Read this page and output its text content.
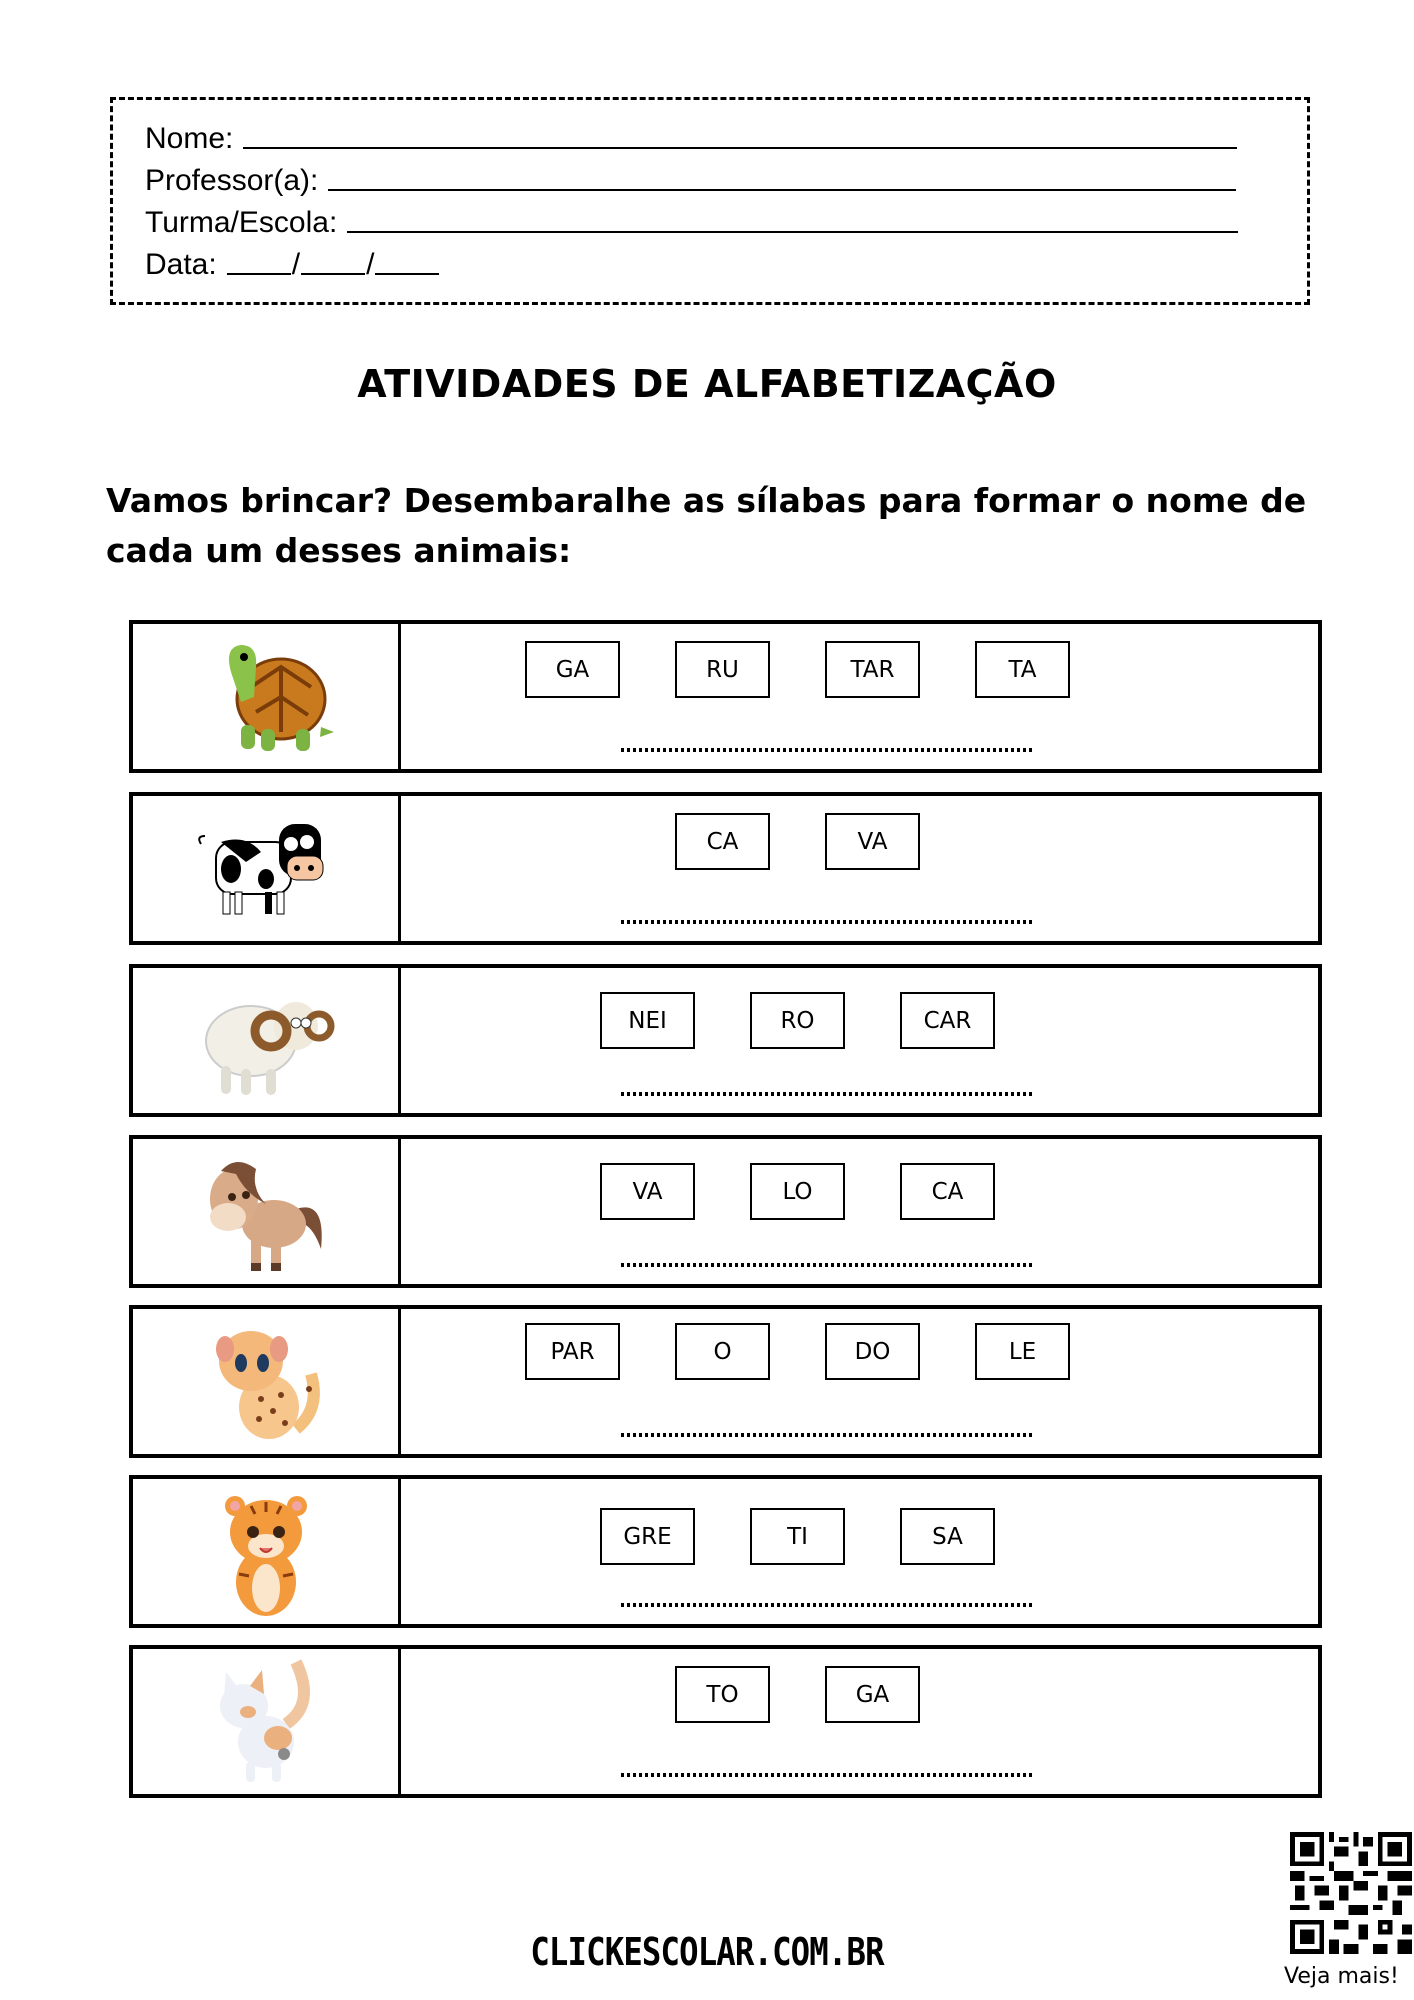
Nome:
Professor(a):
Turma/Escola:
Data:	/ /
ATIVIDADES DE ALFABETIZAÇÃO
Vamos brincar? Desembaralhe as sílabas para formar o nome de cada um desses animais:
GA	RU	TAR	TA
CA	VA
NEI	RO	CAR
VA	LO	CA
PAR	O	DO	LE
GRE	TI	SA
TO	GA
CLICKESCOLAR.COM.BR
Veja mais!
